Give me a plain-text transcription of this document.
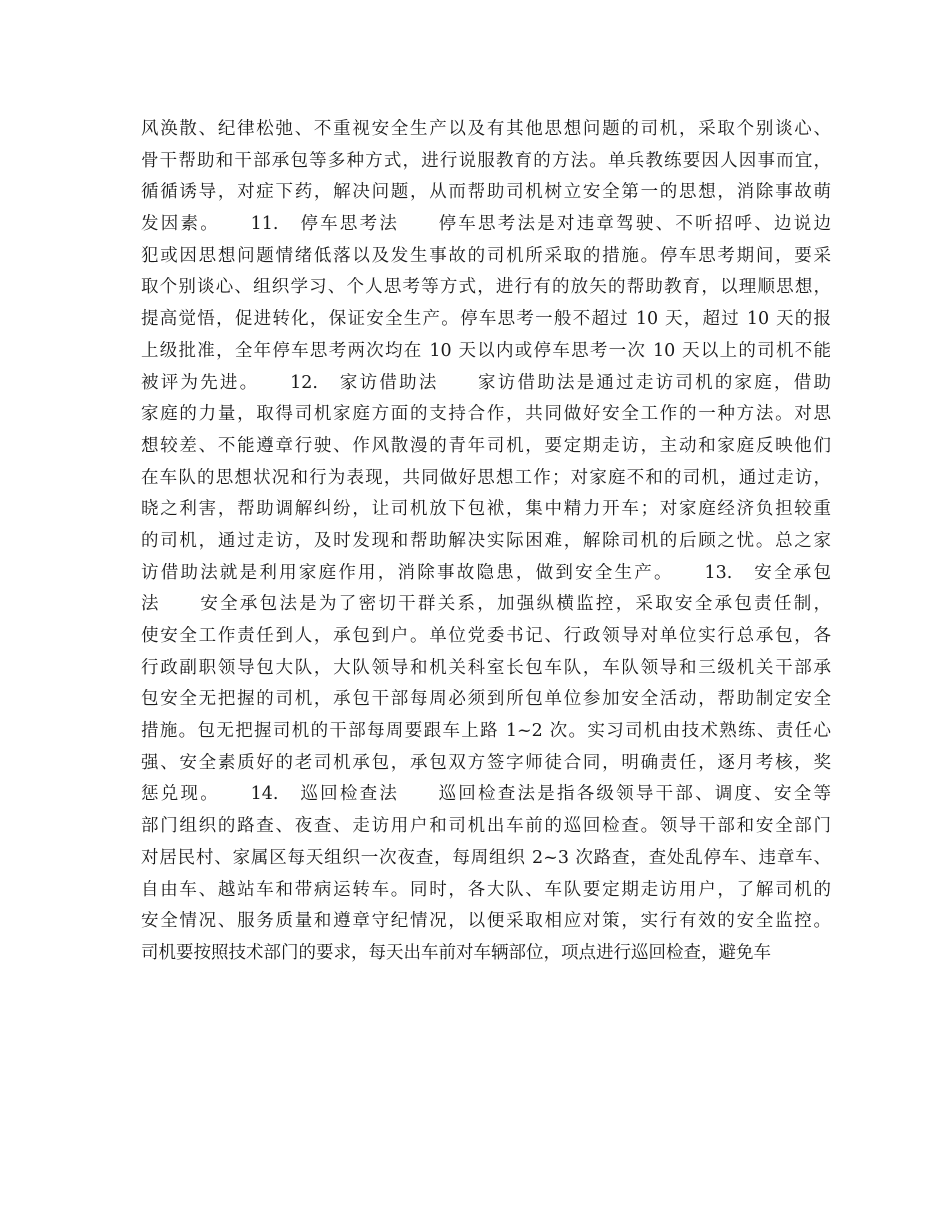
风涣散、纪律松弛、不重视安全生产以及有其他思想问题的司机，采取个别谈心、
骨干帮助和干部承包等多种方式，进行说服教育的方法。单兵教练要因人因事而宜，
循循诱导，对症下药，解决问题，从而帮助司机树立安全第一的思想，消除事故萌
发因素。　　11.　停车思考法　　停车思考法是对违章驾驶、不听招呼、边说边
犯或因思想问题情绪低落以及发生事故的司机所采取的措施。停车思考期间，要采
取个别谈心、组织学习、个人思考等方式，进行有的放矢的帮助教育，以理顺思想，
提高觉悟，促进转化，保证安全生产。停车思考一般不超过 10 天，超过 10 天的报
上级批准，全年停车思考两次均在 10 天以内或停车思考一次 10 天以上的司机不能
被评为先进。　　12.　家访借助法　　家访借助法是通过走访司机的家庭，借助
家庭的力量，取得司机家庭方面的支持合作，共同做好安全工作的一种方法。对思
想较差、不能遵章行驶、作风散漫的青年司机，要定期走访，主动和家庭反映他们
在车队的思想状况和行为表现，共同做好思想工作；对家庭不和的司机，通过走访，
晓之利害，帮助调解纠纷，让司机放下包袱，集中精力开车；对家庭经济负担较重
的司机，通过走访，及时发现和帮助解决实际困难，解除司机的后顾之忧。总之家
访借助法就是利用家庭作用，消除事故隐患，做到安全生产。　　13.　安全承包
法　　安全承包法是为了密切干群关系，加强纵横监控，采取安全承包责任制，
使安全工作责任到人，承包到户。单位党委书记、行政领导对单位实行总承包，各
行政副职领导包大队，大队领导和机关科室长包车队，车队领导和三级机关干部承
包安全无把握的司机，承包干部每周必须到所包单位参加安全活动，帮助制定安全
措施。包无把握司机的干部每周要跟车上路 1~2 次。实习司机由技术熟练、责任心
强、安全素质好的老司机承包，承包双方签字师徒合同，明确责任，逐月考核，奖
惩兑现。　　14.　巡回检查法　　巡回检查法是指各级领导干部、调度、安全等
部门组织的路查、夜查、走访用户和司机出车前的巡回检查。领导干部和安全部门
对居民村、家属区每天组织一次夜查，每周组织 2~3 次路查，查处乱停车、违章车、
自由车、越站车和带病运转车。同时，各大队、车队要定期走访用户，了解司机的
安全情况、服务质量和遵章守纪情况，以便采取相应对策，实行有效的安全监控。
司机要按照技术部门的要求，每天出车前对车辆部位，项点进行巡回检查，避免车
